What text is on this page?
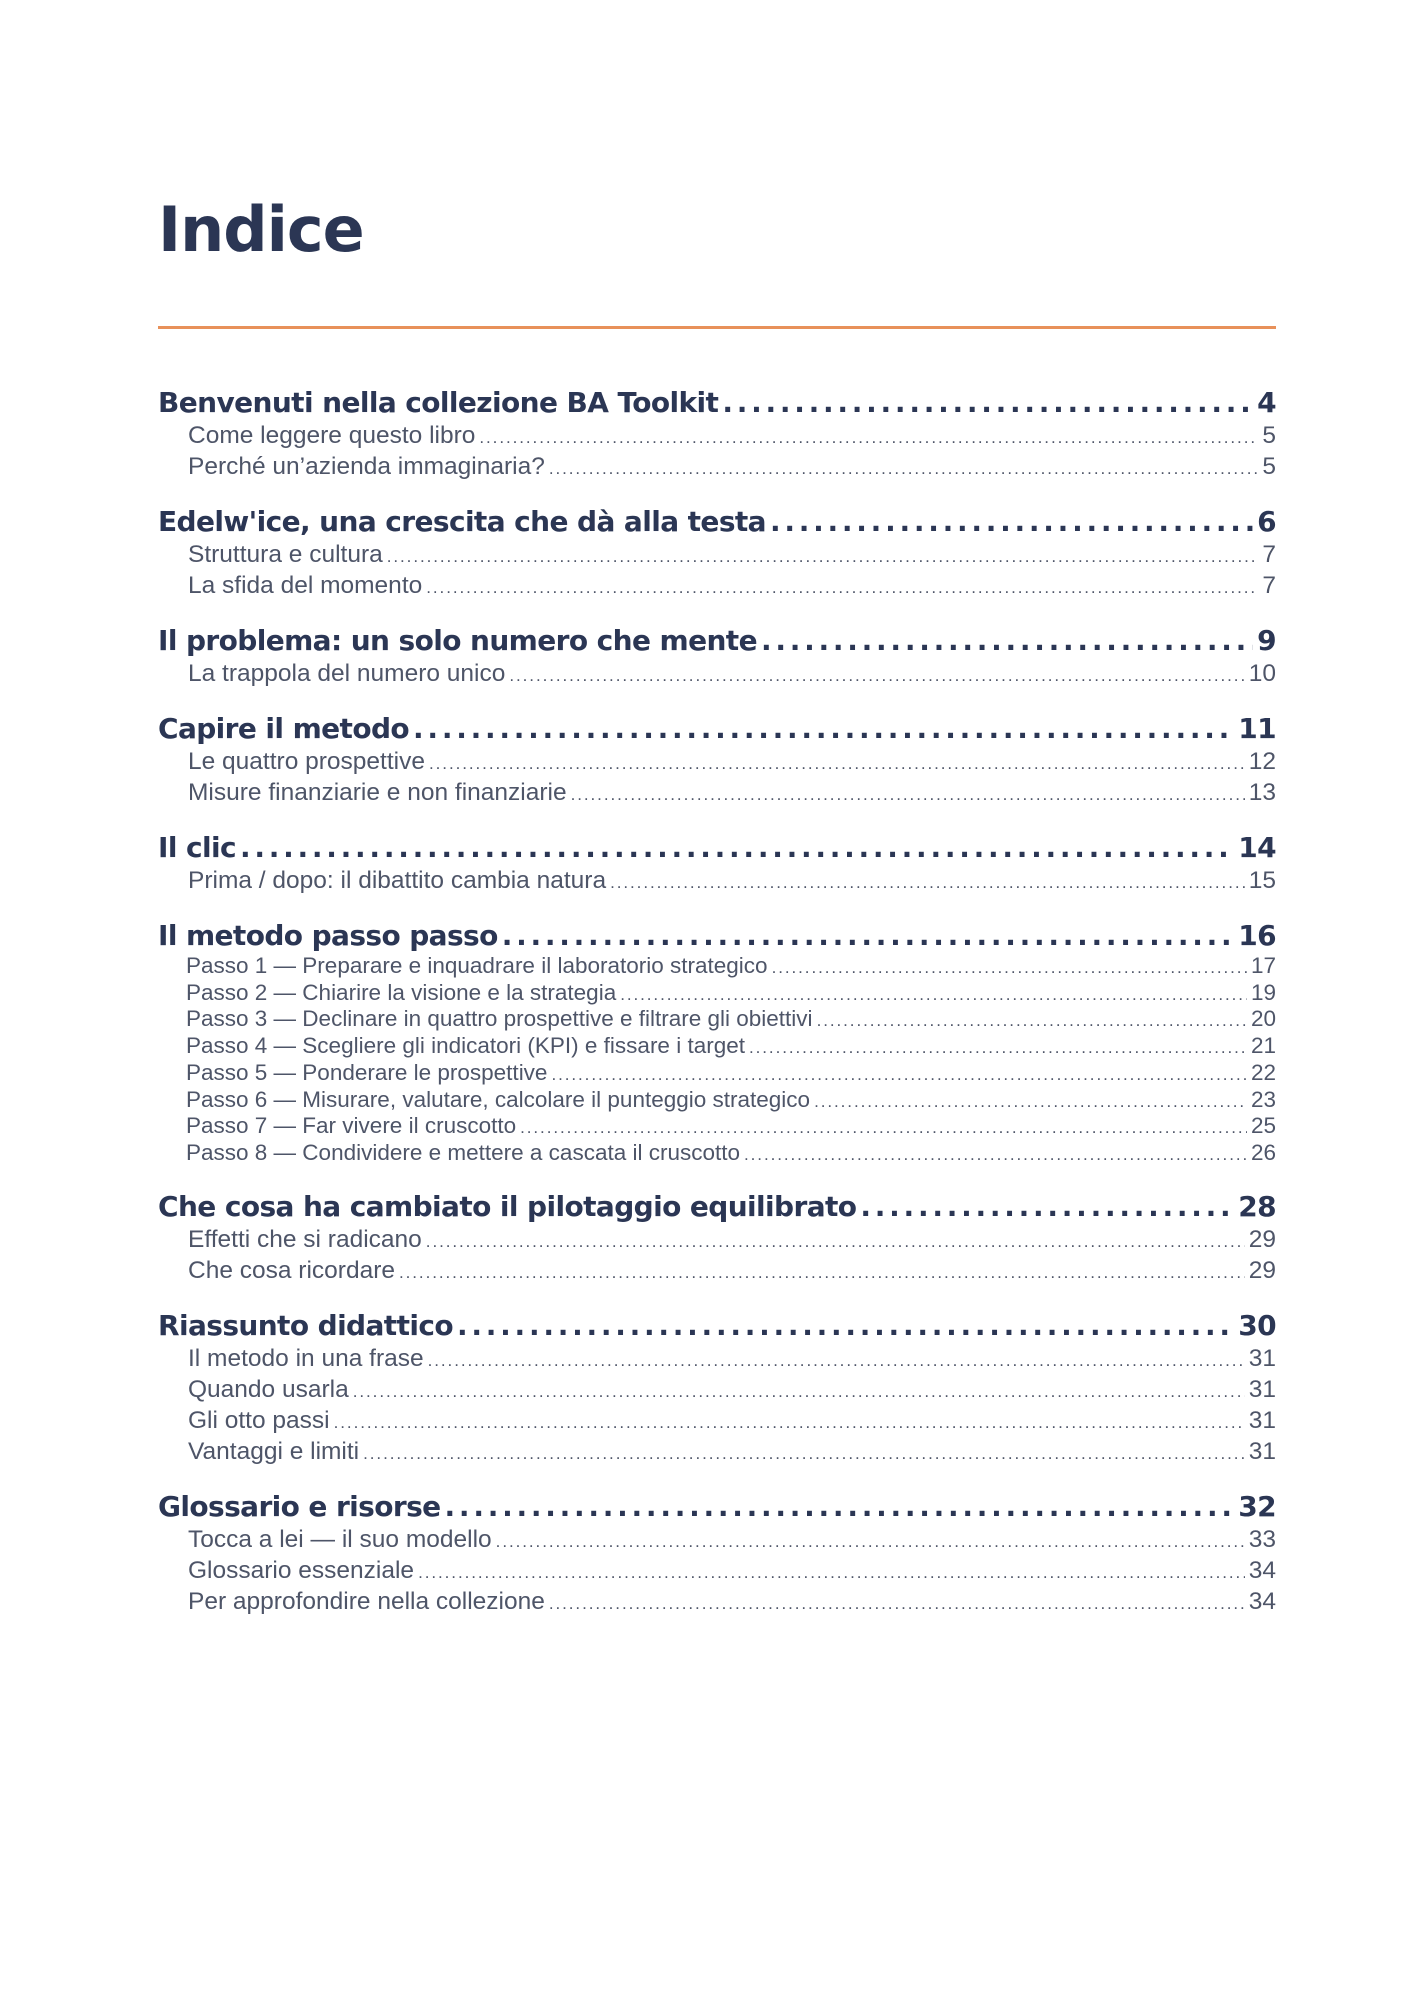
Indice
Benvenuti nella collezione BA Toolkit . . .	4
Come leggere questo libro . . .	5
Perché un’azienda immaginaria? . . .	5
Edelw'ice, una crescita che dà alla testa . . .	6
Struttura e cultura . . .	7
La sfida del momento . . .	7
Il problema: un solo numero che mente . . .	9
La trappola del numero unico . . .	10
Capire il metodo . . .	11
Le quattro prospettive . . .	12
Misure finanziarie e non finanziarie . . .	13
Il clic . . .	14
Prima / dopo: il dibattito cambia natura . . .	15
Il metodo passo passo . . .	16
Passo 1 — Preparare e inquadrare il laboratorio strategico . . .	17
Passo 2 — Chiarire la visione e la strategia . . .	19
Passo 3 — Declinare in quattro prospettive e filtrare gli obiettivi . . .	20
Passo 4 — Scegliere gli indicatori (KPI) e fissare i target . . .	21
Passo 5 — Ponderare le prospettive . . .	22
Passo 6 — Misurare, valutare, calcolare il punteggio strategico . . .	23
Passo 7 — Far vivere il cruscotto . . .	25
Passo 8 — Condividere e mettere a cascata il cruscotto . . .	26
Che cosa ha cambiato il pilotaggio equilibrato . . .	28
Effetti che si radicano . . .	29
Che cosa ricordare . . .	29
Riassunto didattico . . .	30
Il metodo in una frase . . .	31
Quando usarla . . .	31
Gli otto passi . . .	31
Vantaggi e limiti . . .	31
Glossario e risorse . . .	32
Tocca a lei — il suo modello . . .	33
Glossario essenziale . . .	34
Per approfondire nella collezione . . .	34
